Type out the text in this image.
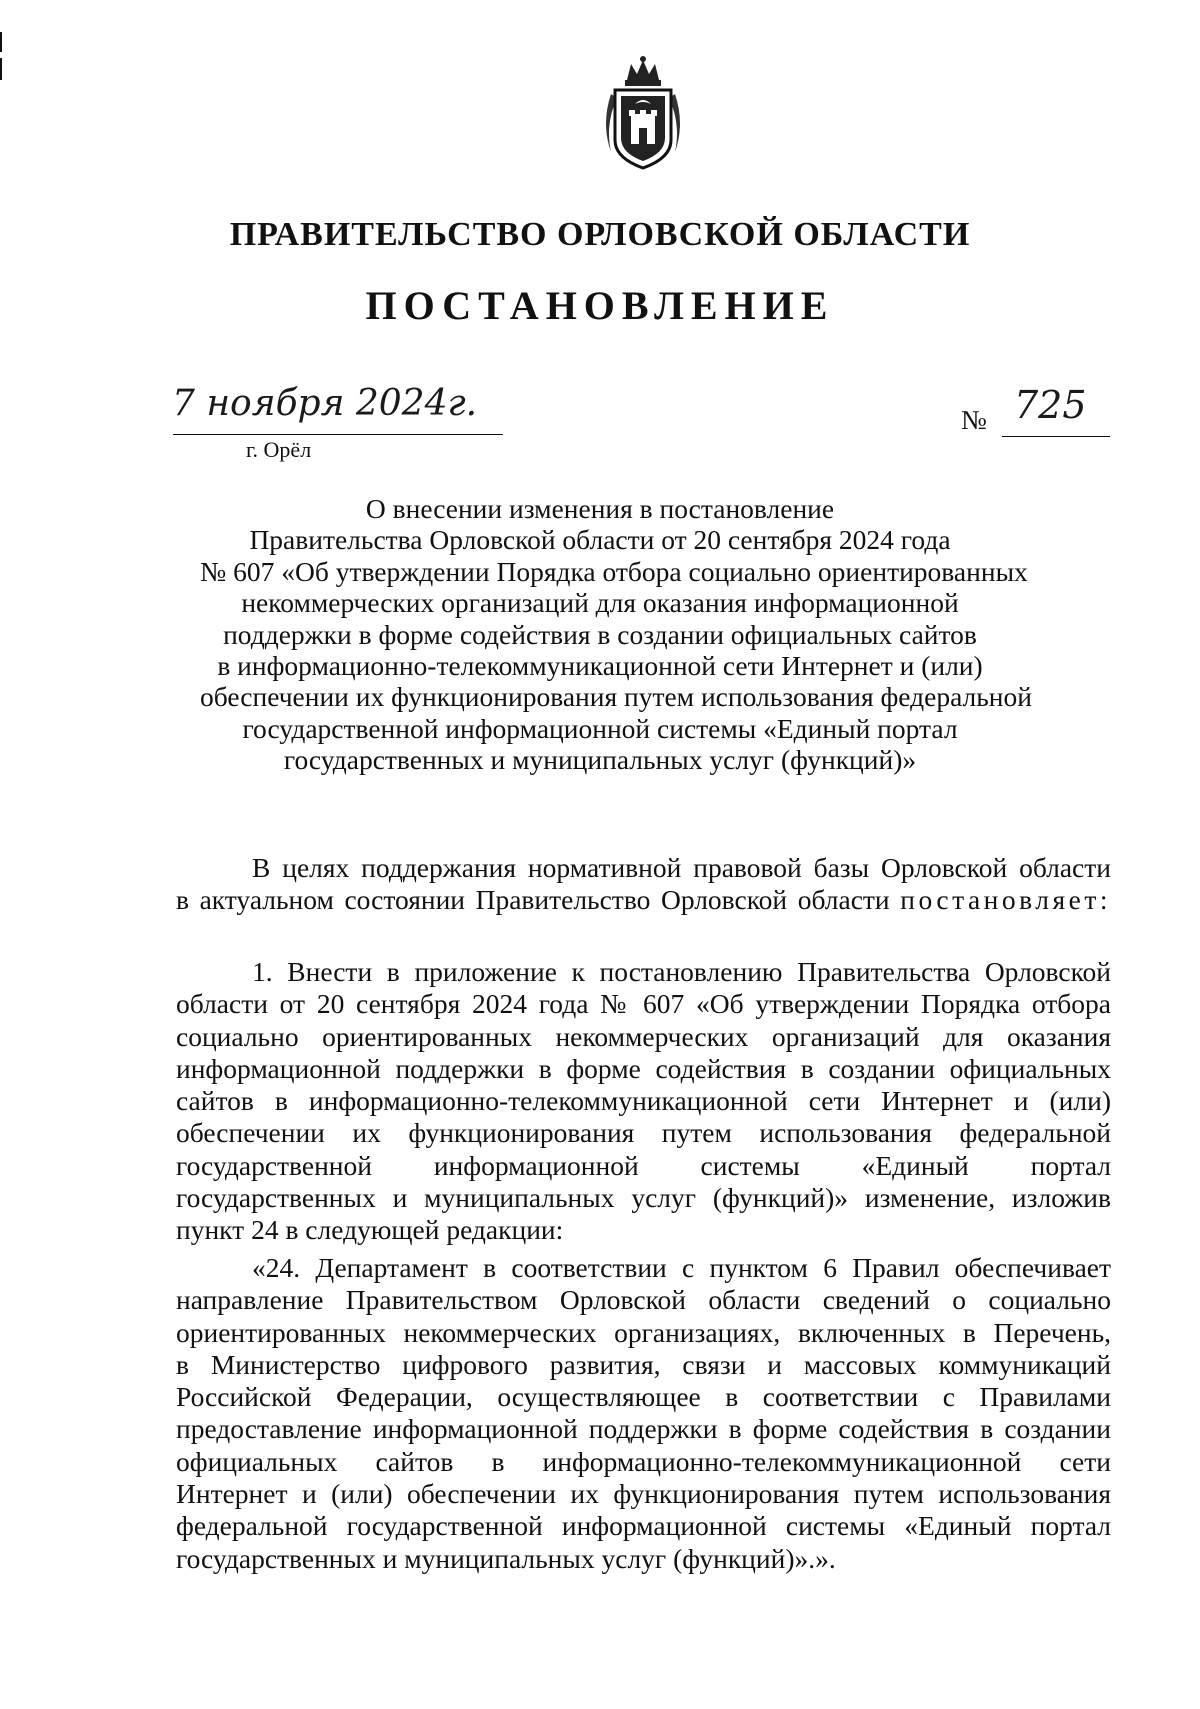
ПРАВИТЕЛЬСТВО ОРЛОВСКОЙ ОБЛАСТИ
ПОСТАНОВЛЕНИЕ
7 ноября 2024г.
г. Орёл
№ 725
О внесении изменения в постановление
Правительства Орловской области от 20 сентября 2024 года
№ 607 «Об утверждении Порядка отбора социально ориентированных
некоммерческих организаций для оказания информационной
поддержки в форме содействия в создании официальных сайтов
в информационно-телекоммуникационной сети Интернет и (или)
обеспечении их функционирования путем использования федеральной
государственной информационной системы «Единый портал
государственных и муниципальных услуг (функций)»
В целях поддержания нормативной правовой базы Орловской области
в актуальном состоянии Правительство Орловской области постановляет:
1. Внести в приложение к постановлению Правительства Орловской
области от 20 сентября 2024 года № 607 «Об утверждении Порядка отбора
социально ориентированных некоммерческих организаций для оказания
информационной поддержки в форме содействия в создании официальных
сайтов в информационно-телекоммуникационной сети Интернет и (или)
обеспечении их функционирования путем использования федеральной
государственной информационной системы «Единый портал
государственных и муниципальных услуг (функций)» изменение, изложив
пункт 24 в следующей редакции:
«24. Департамент в соответствии с пунктом 6 Правил обеспечивает
направление Правительством Орловской области сведений о социально
ориентированных некоммерческих организациях, включенных в Перечень,
в Министерство цифрового развития, связи и массовых коммуникаций
Российской Федерации, осуществляющее в соответствии с Правилами
предоставление информационной поддержки в форме содействия в создании
официальных сайтов в информационно-телекоммуникационной сети
Интернет и (или) обеспечении их функционирования путем использования
федеральной государственной информационной системы «Единый портал
государственных и муниципальных услуг (функций)».».
